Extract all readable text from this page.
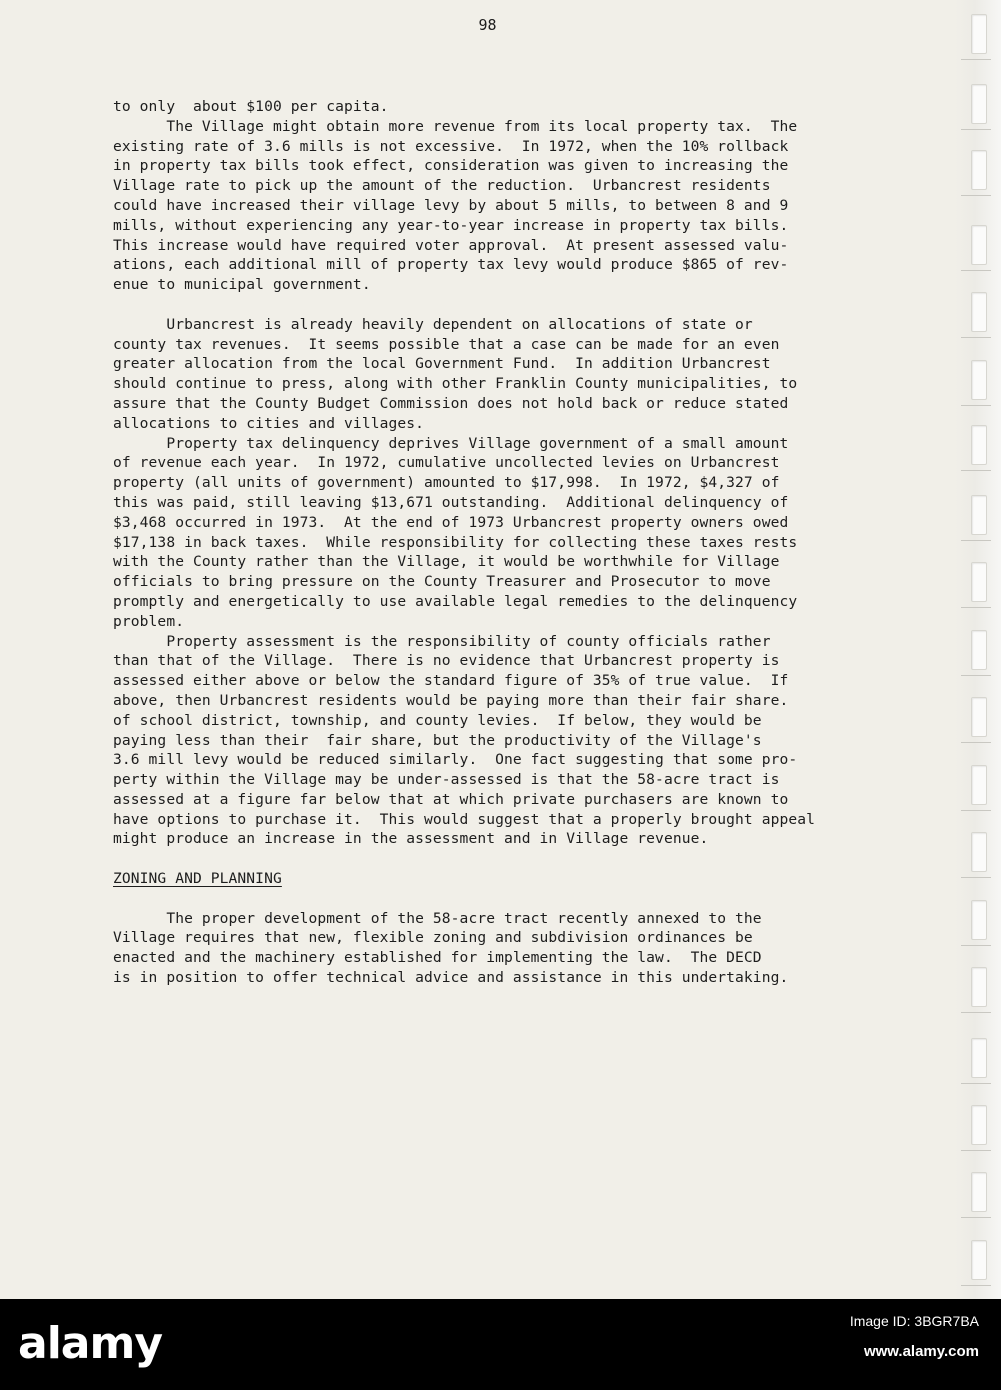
98
to only  about $100 per capita.
The Village might obtain more revenue from its local property tax.  The
existing rate of 3.6 mills is not excessive.  In 1972, when the 10% rollback
in property tax bills took effect, consideration was given to increasing the
Village rate to pick up the amount of the reduction.  Urbancrest residents
could have increased their village levy by about 5 mills, to between 8 and 9
mills, without experiencing any year-to-year increase in property tax bills.
This increase would have required voter approval.  At present assessed valu-
ations, each additional mill of property tax levy would produce $865 of rev-
enue to municipal government.
Urbancrest is already heavily dependent on allocations of state or
county tax revenues.  It seems possible that a case can be made for an even
greater allocation from the local Government Fund.  In addition Urbancrest
should continue to press, along with other Franklin County municipalities, to
assure that the County Budget Commission does not hold back or reduce stated
allocations to cities and villages.
Property tax delinquency deprives Village government of a small amount
of revenue each year.  In 1972, cumulative uncollected levies on Urbancrest
property (all units of government) amounted to $17,998.  In 1972, $4,327 of
this was paid, still leaving $13,671 outstanding.  Additional delinquency of
$3,468 occurred in 1973.  At the end of 1973 Urbancrest property owners owed
$17,138 in back taxes.  While responsibility for collecting these taxes rests
with the County rather than the Village, it would be worthwhile for Village
officials to bring pressure on the County Treasurer and Prosecutor to move
promptly and energetically to use available legal remedies to the delinquency
problem.
Property assessment is the responsibility of county officials rather
than that of the Village.  There is no evidence that Urbancrest property is
assessed either above or below the standard figure of 35% of true value.  If
above, then Urbancrest residents would be paying more than their fair share.
of school district, township, and county levies.  If below, they would be
paying less than their  fair share, but the productivity of the Village's
3.6 mill levy would be reduced similarly.  One fact suggesting that some pro-
perty within the Village may be under-assessed is that the 58-acre tract is
assessed at a figure far below that at which private purchasers are known to
have options to purchase it.  This would suggest that a properly brought appeal
might produce an increase in the assessment and in Village revenue.
ZONING AND PLANNING
The proper development of the 58-acre tract recently annexed to the
Village requires that new, flexible zoning and subdivision ordinances be
enacted and the machinery established for implementing the law.  The DECD
is in position to offer technical advice and assistance in this undertaking.
alamy	Image ID: 3BGR7BA
www.alamy.com
